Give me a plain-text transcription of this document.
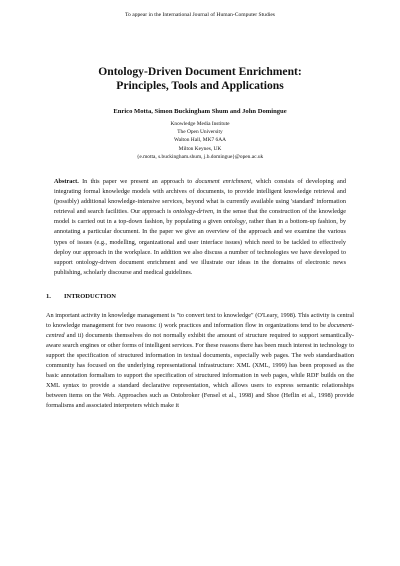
To appear in the International Journal of Human-Computer Studies
Ontology-Driven Document Enrichment:
Principles, Tools and Applications
Enrico Motta, Simon Buckingham Shum and John Domingue
Knowledge Media Institute
The Open University
Walton Hall, MK7 6AA
Milton Keynes, UK
{e.motta, s.buckingham.shum, j.b.domingue}@open.ac.uk
Abstract. In this paper we present an approach to document enrichment, which consists of developing and integrating formal knowledge models with archives of documents, to provide intelligent knowledge retrieval and (possibly) additional knowledge-intensive services, beyond what is currently available using 'standard' information retrieval and search facilities. Our approach is ontology-driven, in the sense that the construction of the knowledge model is carried out in a top-down fashion, by populating a given ontology, rather than in a bottom-up fashion, by annotating a particular document. In the paper we give an overview of the approach and we examine the various types of issues (e.g., modelling, organizational and user interface issues) which need to be tackled to effectively deploy our approach in the workplace. In addition we also discuss a number of technologies we have developed to support ontology-driven document enrichment and we illustrate our ideas in the domains of electronic news publishing, scholarly discourse and medical guidelines.
1. INTRODUCTION
An important activity in knowledge management is "to convert text to knowledge" (O'Leary, 1998). This activity is central to knowledge management for two reasons: i) work practices and information flow in organizations tend to be document-centred and ii) documents themselves do not normally exhibit the amount of structure required to support semantically-aware search engines or other forms of intelligent services. For these reasons there has been much interest in technology to support the specification of structured information in textual documents, especially web pages. The web standardisation community has focused on the underlying representational infrastructure: XML (XML, 1999) has been proposed as the basic annotation formalism to support the specification of structured information in web pages, while RDF builds on the XML syntax to provide a standard declarative representation, which allows users to express semantic relationships between items on the Web. Approaches such as Ontobroker (Fensel et al., 1998) and Shoe (Heflin et al., 1998) provide formalisms and associated interpreters which make it
